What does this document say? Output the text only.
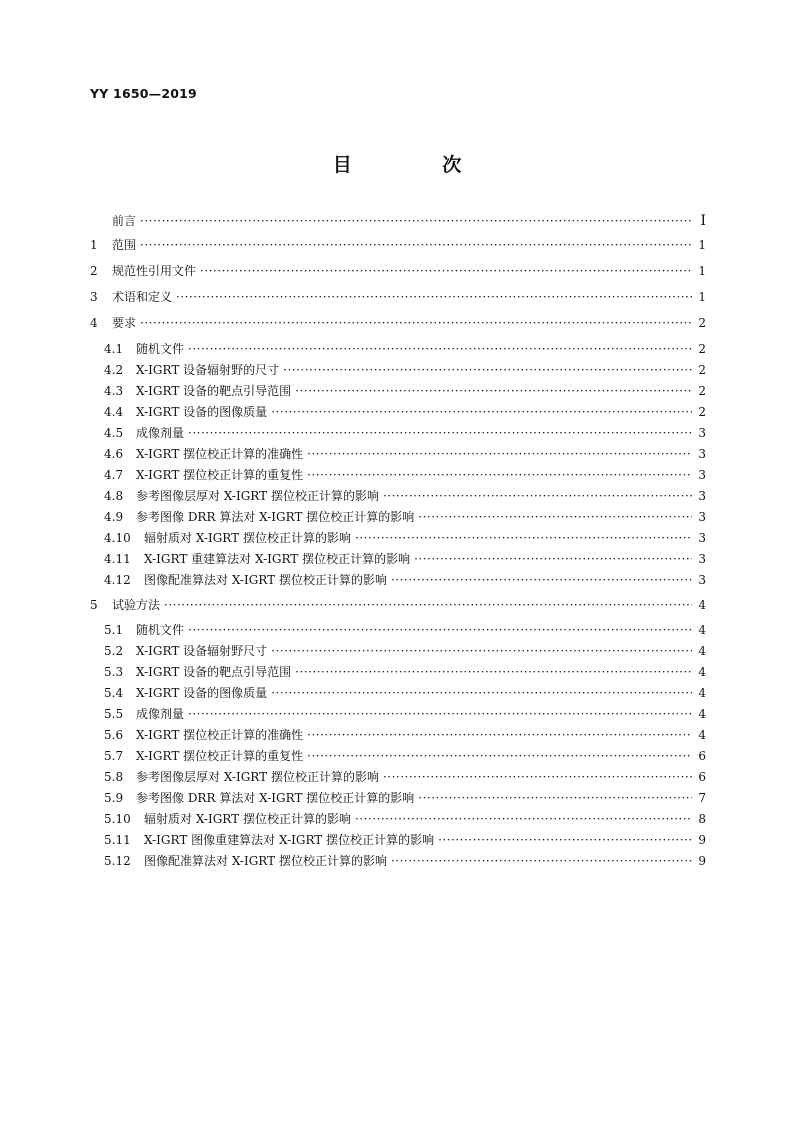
YY 1650—2019
目 次
前言 ·····	Ⅰ
1	范围 ·····	1
2	规范性引用文件 ·····	1
3	术语和定义 ·····	1
4	要求 ·····	2
4.1	随机文件 ·····	2
4.2	X-IGRT 设备辐射野的尺寸 ·····	2
4.3	X-IGRT 设备的靶点引导范围 ·····	2
4.4	X-IGRT 设备的图像质量 ·····	2
4.5	成像剂量 ·····	3
4.6	X-IGRT 摆位校正计算的准确性 ·····	3
4.7	X-IGRT 摆位校正计算的重复性 ·····	3
4.8	参考图像层厚对 X-IGRT 摆位校正计算的影响 ·····	3
4.9	参考图像 DRR 算法对 X-IGRT 摆位校正计算的影响 ·····	3
4.10	辐射质对 X-IGRT 摆位校正计算的影响 ·····	3
4.11	X-IGRT 重建算法对 X-IGRT 摆位校正计算的影响 ·····	3
4.12	图像配准算法对 X-IGRT 摆位校正计算的影响 ·····	3
5	试验方法 ·····	4
5.1	随机文件 ·····	4
5.2	X-IGRT 设备辐射野尺寸 ·····	4
5.3	X-IGRT 设备的靶点引导范围 ·····	4
5.4	X-IGRT 设备的图像质量 ·····	4
5.5	成像剂量 ·····	4
5.6	X-IGRT 摆位校正计算的准确性 ·····	4
5.7	X-IGRT 摆位校正计算的重复性 ·····	6
5.8	参考图像层厚对 X-IGRT 摆位校正计算的影响 ·····	6
5.9	参考图像 DRR 算法对 X-IGRT 摆位校正计算的影响 ·····	7
5.10	辐射质对 X-IGRT 摆位校正计算的影响 ·····	8
5.11	X-IGRT 图像重建算法对 X-IGRT 摆位校正计算的影响 ·····	9
5.12	图像配准算法对 X-IGRT 摆位校正计算的影响 ·····	9
